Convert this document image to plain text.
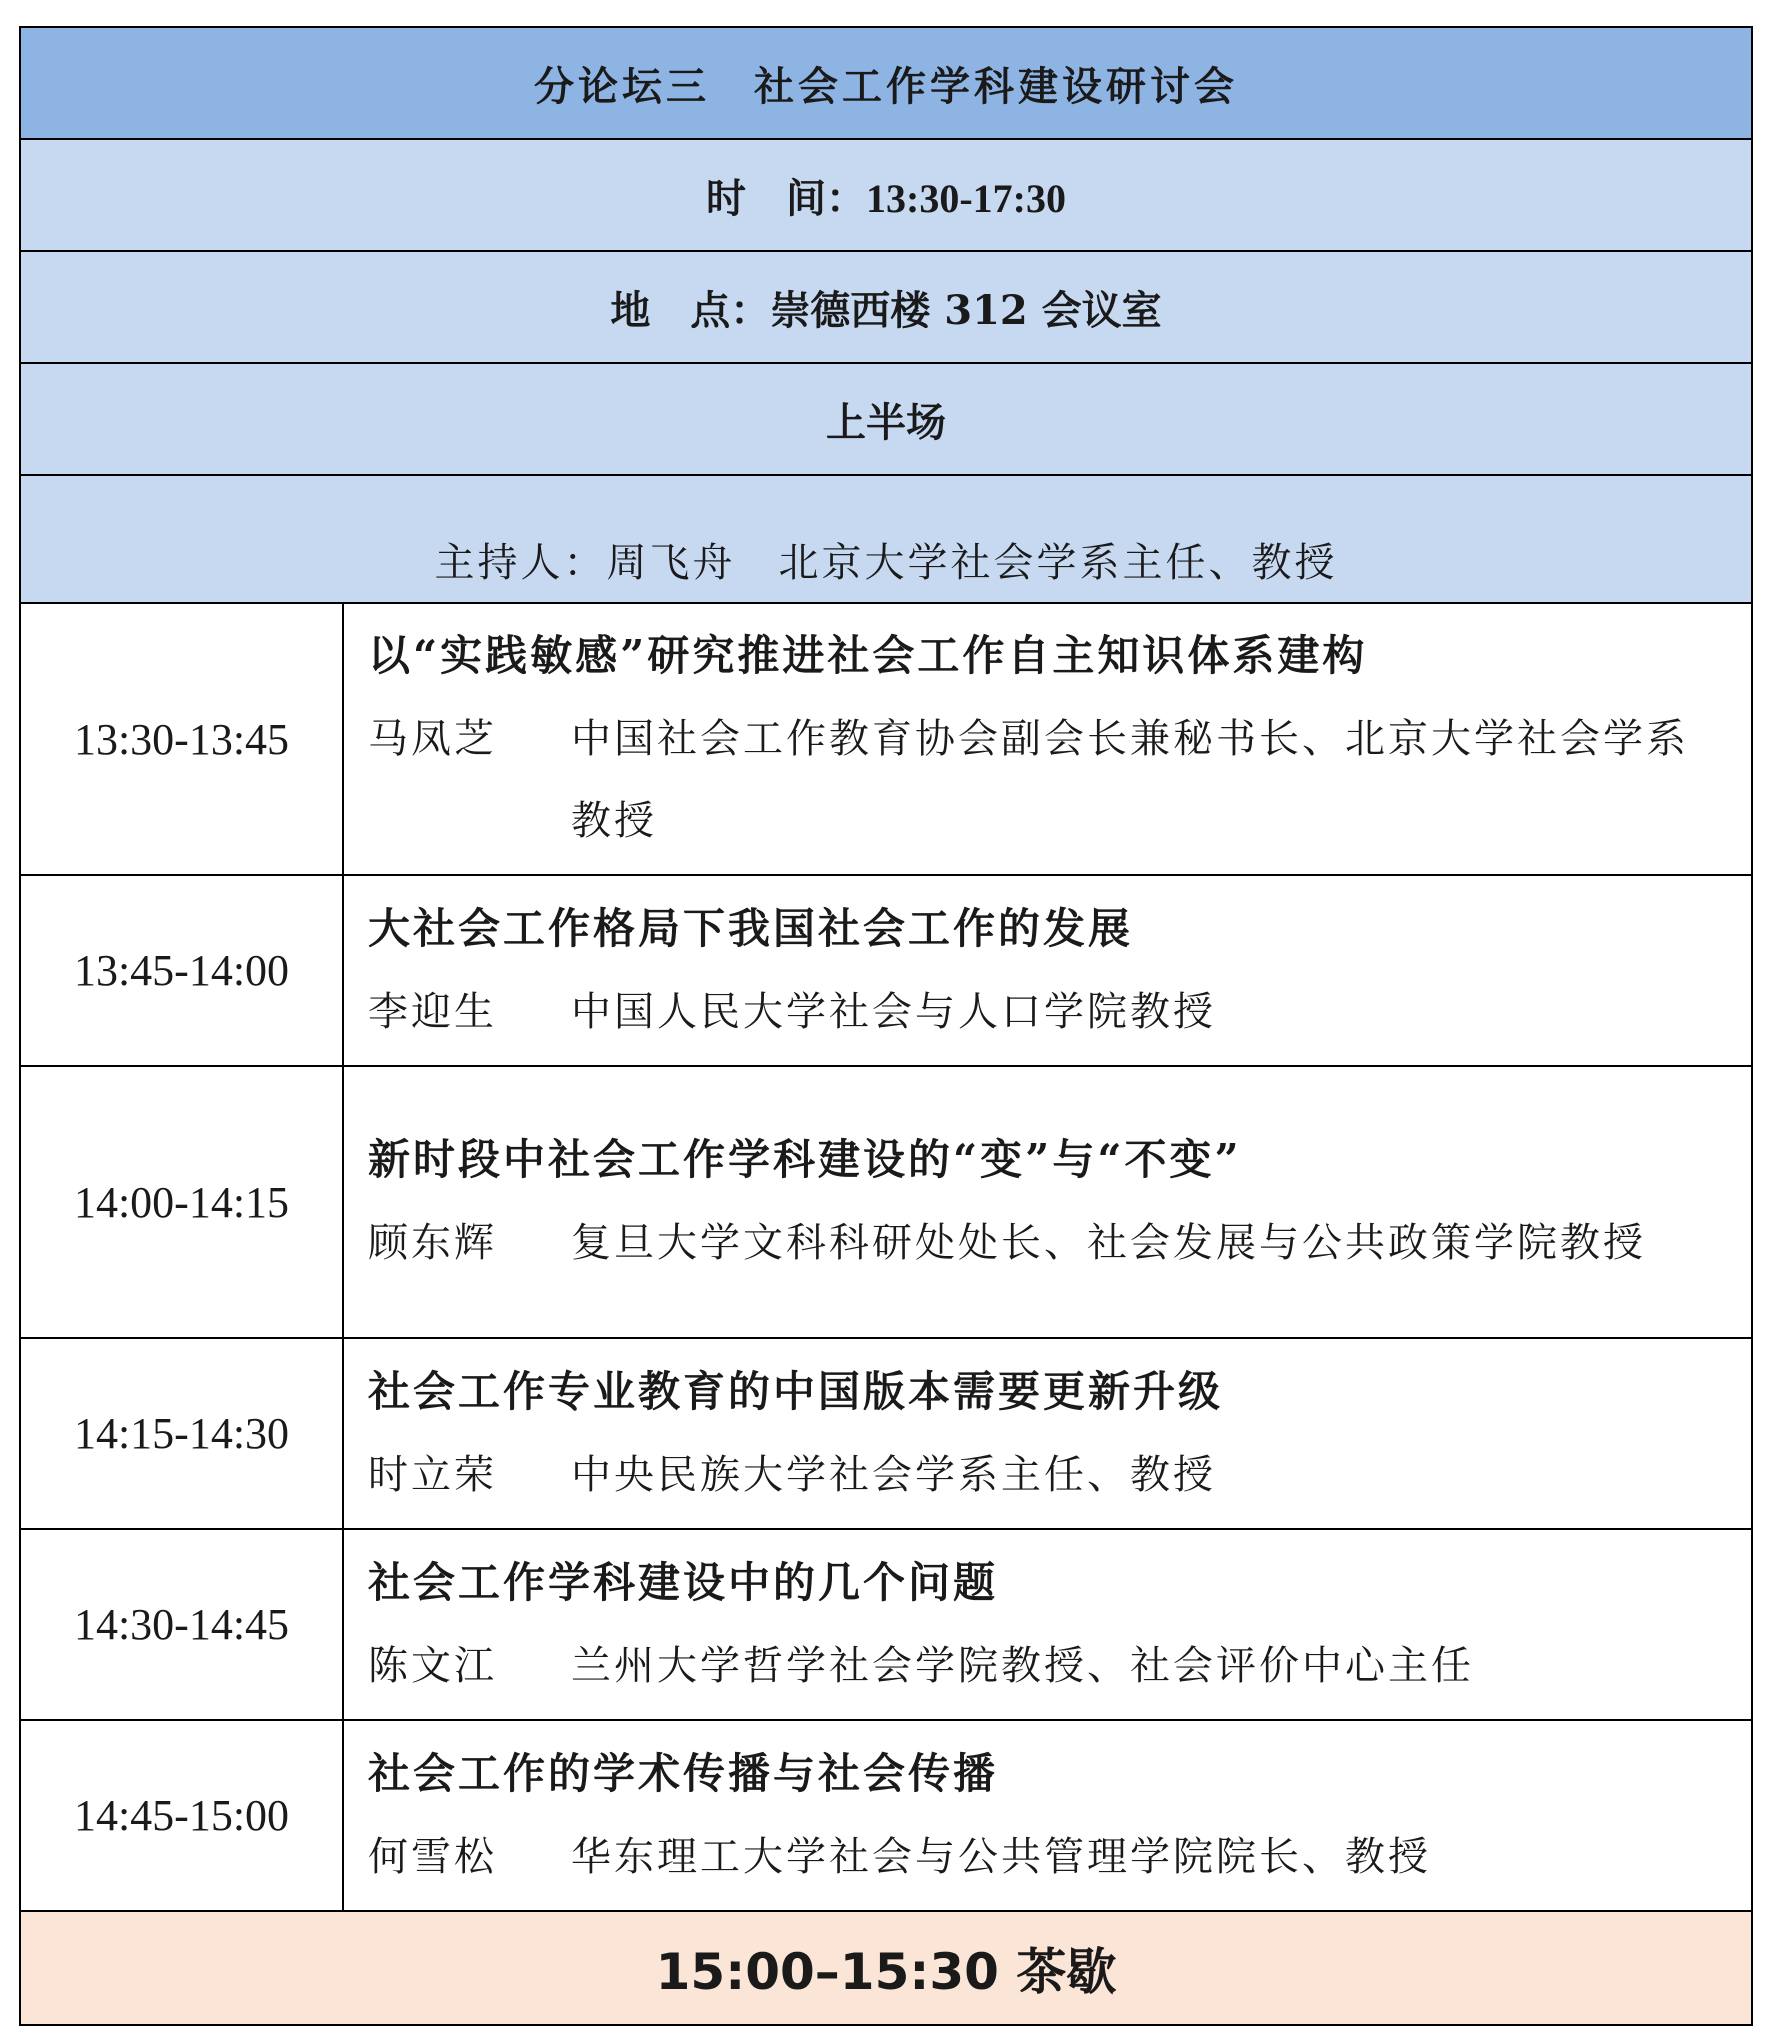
分论坛三　社会工作学科建设研讨会	
时　间：13:30-17:30	
地　点：崇德西楼 312 会议室	
上半场	
主持人：周飞舟　北京大学社会学系主任、教授	
13:30-13:45	以“实践敏感”研究推进社会工作自主知识体系建构
马凤芝 中国社会工作教育协会副会长兼秘书长、北京大学社会学系教授

13:45-14:00	大社会工作格局下我国社会工作的发展
李迎生 中国人民大学社会与人口学院教授

14:00-14:15	新时段中社会工作学科建设的“变”与“不变”
顾东辉 复旦大学文科科研处处长、社会发展与公共政策学院教授

14:15-14:30	社会工作专业教育的中国版本需要更新升级
时立荣 中央民族大学社会学系主任、教授

14:30-14:45	社会工作学科建设中的几个问题
陈文江 兰州大学哲学社会学院教授、社会评价中心主任

14:45-15:00	社会工作的学术传播与社会传播
何雪松 华东理工大学社会与公共管理学院院长、教授

15:00–15:30 茶歇	
